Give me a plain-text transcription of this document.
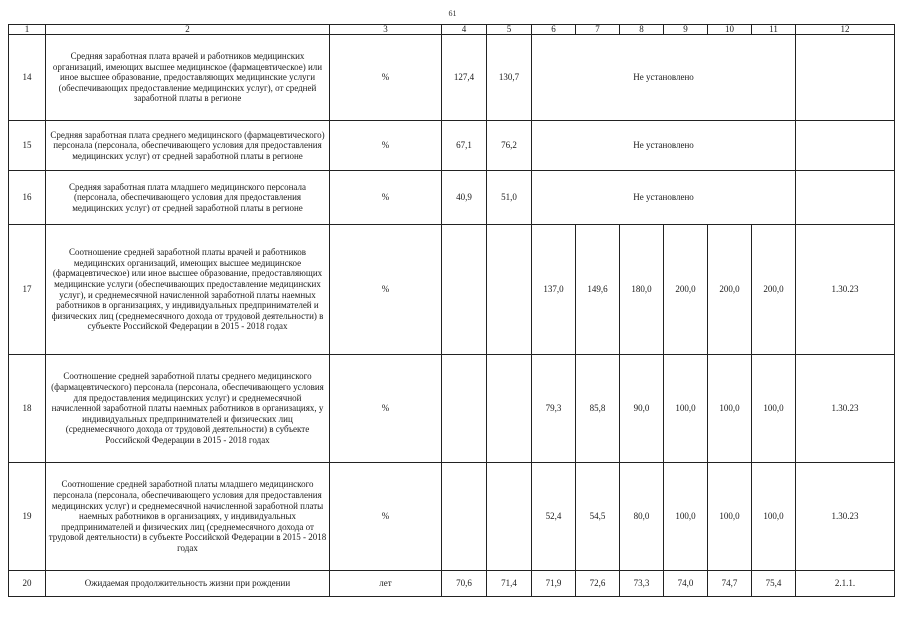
61
1	2	3	4	5	6	7	8	9	10	11	12
14	Средняя заработная плата врачей и работников медицинских организаций, имеющих высшее медицинское (фармацевтическое) или иное высшее образование, предоставляющих медицинские услуги (обеспечивающих предоставление медицинских услуг), от средней заработной платы в регионе	%	127,4	130,7	Не установлено						
15	Средняя заработная плата среднего медицинского (фармацевтического) персонала (персонала, обеспечивающего условия для предоставления медицинских услуг) от средней заработной платы в регионе	%	67,1	76,2	Не установлено						
16	Средняя заработная плата младшего медицинского персонала (персонала, обеспечивающего условия для предоставления медицинских услуг) от средней заработной платы в регионе	%	40,9	51,0	Не установлено						
17	Соотношение средней заработной платы врачей и работников медицинских организаций, имеющих высшее медицинское (фармацевтическое) или иное высшее образование, предоставляющих медицинские услуги (обеспечивающих предоставление медицинских услуг), и среднемесячной начисленной заработной платы наемных работников в организациях, у индивидуальных предпринимателей и физических лиц (среднемесячного дохода от трудовой деятельности) в субъекте Российской Федерации в 2015 - 2018 годах	%			137,0	149,6	180,0	200,0	200,0	200,0	1.30.23
18	Соотношение средней заработной платы среднего медицинского (фармацевтического) персонала (персонала, обеспечивающего условия для предоставления медицинских услуг) и среднемесячной начисленной заработной платы наемных работников в организациях, у индивидуальных предпринимателей и физических лиц (среднемесячного дохода от трудовой деятельности) в субъекте Российской Федерации в 2015 - 2018 годах	%			79,3	85,8	90,0	100,0	100,0	100,0	1.30.23
19	Соотношение средней заработной платы младшего медицинского персонала (персонала, обеспечивающего условия для предоставления медицинских услуг) и среднемесячной начисленной заработной платы наемных работников в организациях, у индивидуальных предпринимателей и физических лиц (среднемесячного дохода от трудовой деятельности) в субъекте Российской Федерации в 2015 - 2018 годах	%			52,4	54,5	80,0	100,0	100,0	100,0	1.30.23
20	Ожидаемая продолжительность жизни при рождении	лет	70,6	71,4	71,9	72,6	73,3	74,0	74,7	75,4	2.1.1.
